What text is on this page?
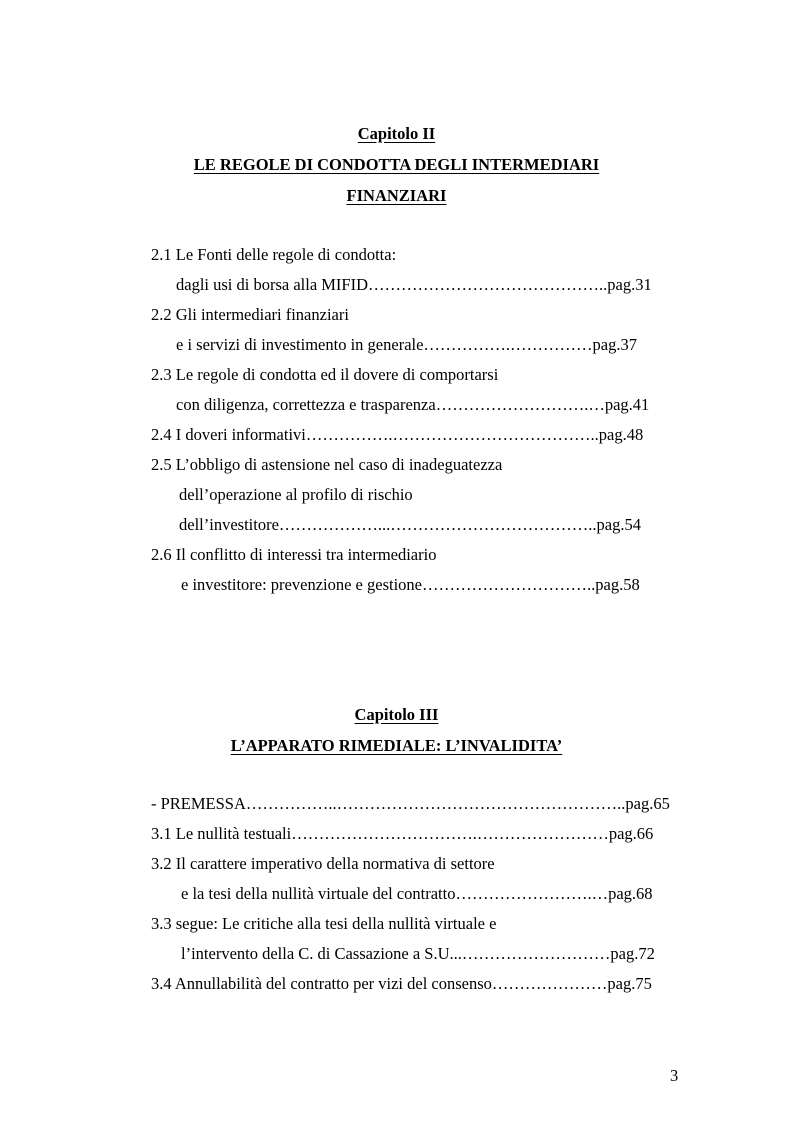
Capitolo II
LE REGOLE DI CONDOTTA DEGLI INTERMEDIARI
FINANZIARI
2.1 Le Fonti delle regole di condotta:
dagli usi di borsa alla MIFID……………………………………..pag.31
2.2 Gli intermediari finanziari
e i servizi di investimento in generale…………….……………pag.37
2.3 Le regole di condotta ed il dovere di comportarsi
con diligenza, correttezza e trasparenza……………………….…pag.41
2.4 I doveri informativi…………….………………………………..pag.48
2.5 L’obbligo di astensione nel caso di inadeguatezza
dell’operazione al profilo di rischio
dell’investitore………………...………………………………..pag.54
2.6 Il conflitto di interessi tra intermediario
e investitore: prevenzione e gestione…………………………..pag.58
Capitolo III
L’APPARATO RIMEDIALE: L’INVALIDITA’
- PREMESSA……………..……………………………………………..pag.65
3.1 Le nullità testuali…………………………….……………………pag.66
3.2 Il carattere imperativo della normativa di settore
e la tesi della nullità virtuale del contratto…………………….…pag.68
3.3 segue: Le critiche alla tesi della nullità virtuale e
l’intervento della C. di Cassazione a S.U...………………………pag.72
3.4 Annullabilità del contratto per vizi del consenso…………………pag.75
3
